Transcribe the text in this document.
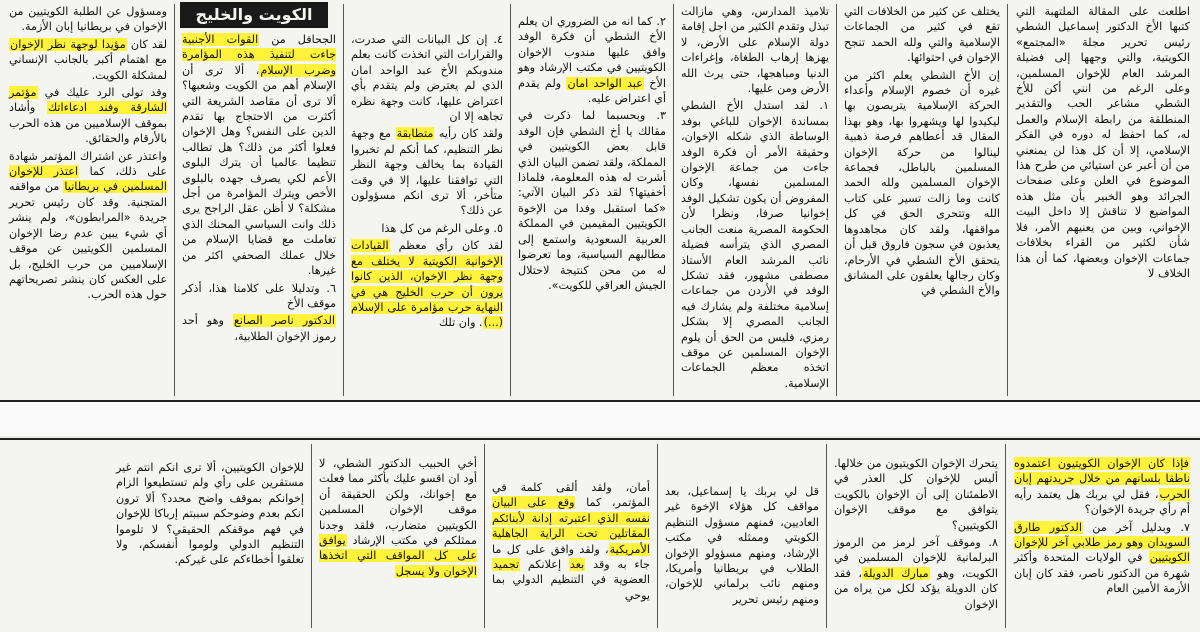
الكويت والخليج	اطلعت على المقالة الملتهبة التي كتبها الأخ الدكتور إسماعيل الشطي رئيس تحرير مجلة «المجتمع» الكويتية، والتي وجهها إلى فضيلة المرشد العام للإخوان المسلمين، وعلى الرغم من انني أكن للأخ الشطي مشاعر الحب والتقدير المنطلقة من رابطة الإسلام والعمل له، كما احفظ له دوره في الفكر الإسلامي، إلا أن كل هذا لن يمنعني من أن أعبر عن استيائي من طرح هذا الموضوع في العلن وعلى صفحات الجرائد وهو الخبير بأن مثل هذه المواضيع لا تناقش إلا داخل البيت الإخواني، وبين من يعنيهم الأمر، فلا شأن لكثير من القراء بخلافات جماعات الإخوان وبعضها، كما أن هذا الخلاف لا

يختلف عن كثير من الخلافات التي تقع في كثير من الجماعات الإسلامية والتي ولله الحمد تنجح الإخوان في احتوائها.

إن الأخ الشطي يعلم اكثر من غيره أن خصوم الإسلام وأعداء الحركة الإسلامية يتربصون بها ليكيدوا لها ويشهروا بها، وهو بهذا المقال قد أعطاهم فرصة ذهبية لينالوا من حركة الإخوان المسلمين بالباطل، فجماعة الإخوان المسلمين ولله الحمد كانت وما زالت تسير على كتاب الله وتتحرى الحق في كل مواقفها، ولقد كان مجاهدوها يعذبون في سجون فاروق قبل أن يتحقق الأخ الشطي في الأرحام، وكان رجالها يعلقون على المشانق والأخ الشطي في

تلاميذ المدارس، وهي مازالت تبذل وتقدم الكثير من اجل إقامة دولة الإسلام على الأرض، لا يهزها إرهاب الطغاة، وإغراءات الدنيا ومباهجها، حتى يرث الله الأرض ومن عليها.

١. لقد استدل الأخ الشطي بمساندة الإخوان للباغي بوفد الوساطة الذي شكله الإخوان، وحقيقة الأمر أن فكرة الوفد جاءت من جماعة الإخوان المسلمين نفسها، وكان المفروض أن يكون تشكيل الوفد إخوانيا صرفا، ونظرا لأن الحكومة المصرية منعت الجانب المصري الذي يترأسه فضيلة نائب المرشد العام الأستاذ مصطفى مشهور، فقد تشكل الوفد في الأردن من جماعات إسلامية مختلفة ولم يشارك فيه الجانب المصري إلا بشكل رمزي، فليس من الحق أن يلوم الإخوان المسلمين عن موقف اتخذه معظم الجماعات الإسلامية.

٢. كما انه من الضروري ان يعلم الأخ الشطي أن فكرة الوفد وافق عليها مندوب الإخوان الكويتيين في مكتب الإرشاد وهو الأخ عبد الواحد امان ولم يقدم أي اعتراض عليه.

٣. وبحسبما لما ذكرت في مقالك يا أخ الشطي فإن الوفد قابل بعض الكويتيين في المملكة، ولقد تضمن البيان الذي أشرت له هذه المعلومة، فلماذا أخفيتها؟ لقد ذكر البيان الآتي: «كما استقبل وفدا من الإخوة الكويتيين المقيمين في المملكة العربية السعودية واستمع إلى مطالبهم السياسية، وما تعرضوا له من محن كنتيجة لاحتلال الجيش العراقي للكويت».

٤. إن كل البيانات التي صدرت، والقرارات التي اتخذت كانت بعلم مندوبكم الأخ عبد الواحد امان الذي لم يعترض ولم يتقدم بأي اعتراض عليها، كانت وجهة نظره تجاهه إلا ان

ولقد كان رأيه متطابقة مع وجهة نظر التنظيم، كما أنكم لم تخبروا القيادة بما يخالف وجهة النظر التي توافقنا عليها، إلا في وقت متأخر، ألا ترى انكم مسؤولون عن ذلك؟

٥. وعلى الرغم من كل هذا

لقد كان رأي معظم القيادات الإخوانية الكويتية لا يختلف مع وجهة نظر الإخوان، الذين كانوا يرون أن حرب الخليج هي في النهاية حرب مؤامرة على الإسلام (...). وان تلك

الجحافل من القوات الأجنبية جاءت لتنفيذ هذه المؤامرة وضرب الإسلام، ألا ترى أن الإسلام أهم من الكويت وشعبها؟ ألا ترى أن مقاصد الشريعة التي أكثرت من الاحتجاج بها تقدم الدين على النفس؟ وهل الإخوان فعلوا أكثر من ذلك؟ هل تطالب تنظيما عالميا أن يترك البلوى الأعم لكي يصرف جهده بالبلوى الأخص ويترك المؤامرة من أجل مشكلة؟ لا أظن عقل الراجح يرى ذلك وانت السياسي المحنك الذي تعاملت مع قضايا الإسلام من خلال عملك الصحفي اكثر من غيرها.

٦. وتدليلا على كلامنا هذا، أذكر موقف الأخ

الدكتور ناصر الصانع وهو أحد رموز الإخوان الطلابية،

ومسؤول عن الطلبة الكويتيين من الإخوان في بريطانيا إبان الأزمة.

لقد كان مؤيدا لوجهة نظر الإخوان مع اهتمام أكبر بالجانب الإنساني لمشكلة الكويت.

وقد تولى الرد عليك في مؤتمر الشارقة وفند ادعاءاتك وأشاد بموقف الإسلاميين من هذه الحرب بالأرقام والحقائق.

واعتذر عن اشتراك المؤتمر شهادة على ذلك، كما اعتذر للإخوان المسلمين في بريطانيا من مواقفه المتجنية. وقد كان رئيس تحرير جريدة «المرابطون»، ولم ينشر أي شيء يبين عدم رضا الإخوان المسلمين الكويتيين عن موقف الإسلاميين من حرب الخليج، بل على العكس كان ينشر تصريحاتهم حول هذه الحرب.

فإذا كان الإخوان الكويتيون اعتمدوه ناطقا بلسانهم من خلال جريدتهم إبان الحرب، فقل لي بربك هل يعتمد رأيه أم رأي جريدة الإخوان؟

٧. وبدليل آخر من الدكتور طارق السويدان وهو رمز طلابي آخر للإخوان الكويتيين في الولايات المتحدة وأكثر شهرة من الدكتور ناصر، فقد كان إبان الأزمة الأمين العام

يتحرك الإخوان الكويتيون من خلالها. أليس للإخوان كل العذر في الاطمئنان إلى أن الإخوان بالكويت يتوافق مع موقف الإخوان الكويتيين؟

٨. وموقف آخر لرمز من الرموز البرلمانية للإخوان المسلمين في الكويت، وهو مبارك الدويلة، فقد كان الدويلة يؤكد لكل من يراه من الإخوان

قل لي بربك يا إسماعيل، بعد مواقف كل هؤلاء الإخوة غير العاديين، فمنهم مسؤول التنظيم الكويتي وممثله في مكتب الإرشاد، ومنهم مسؤولو الإخوان الطلاب في بريطانيا وأمريكا، ومنهم نائب برلماني للإخوان، ومنهم رئيس تحرير

أمان، ولقد ألقى كلمة في المؤتمر، كما وقع على البيان نفسه الذي اعتبرته إدانة لأبنائكم المقاتلين تحت الراية الجاهلية الأمريكية، ولقد وافق على كل ما جاء به وقد بعد إعلانكم تجميد العضوية في التنظيم الدولي بما يوحي

أخي الحبيب الدكتور الشطي، لا أود ان اقسو عليك بأكثر مما فعلت مع إخوانك، ولكن الحقيقة أن موقف الإخوان المسلمين الكويتيين متضارب، فلقد وجدنا ممثلكم في مكتب الإرشاد يوافق على كل المواقف التي اتخذها الإخوان ولا يسجل

للإخوان الكويتيين، ألا ترى انكم انتم غير مستقرين على رأي ولم تستطيعوا الزام إخوانكم بموقف واضح محدد؟ ألا ترون انكم بعدم وضوحكم سببتم إرباكا للإخوان في فهم موقفكم الحقيقي؟ لا تلوموا التنظيم الدولي ولوموا أنفسكم، ولا تعلقوا أخطاءكم على غيركم.
